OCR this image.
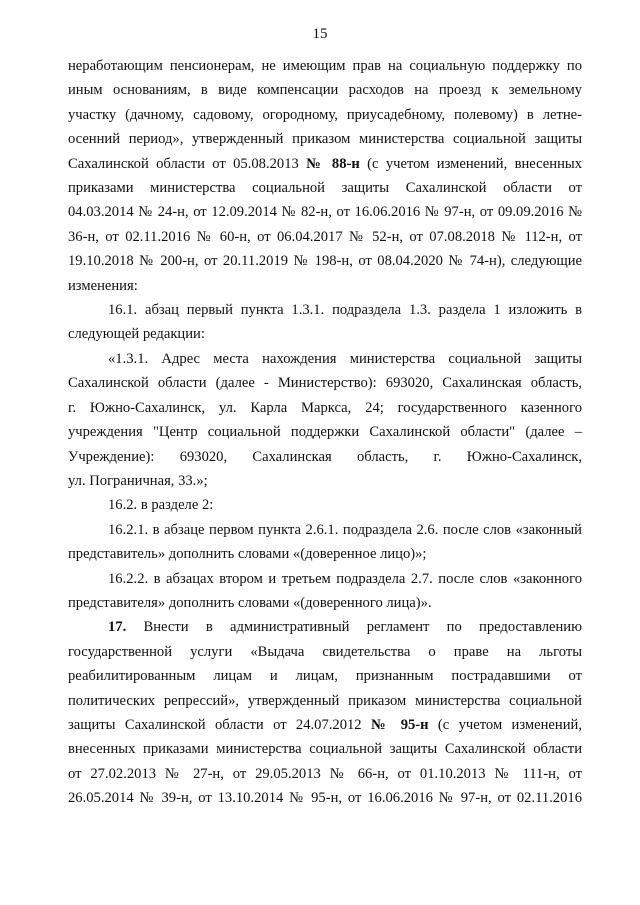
15
неработающим пенсионерам, не имеющим прав на социальную поддержку по
иным основаниям, в виде компенсации расходов на проезд к земельному
участку (дачному, садовому, огородному, приусадебному, полевому) в летне-
осенний период», утвержденный приказом министерства социальной защиты
Сахалинской области от 05.08.2013 № 88-н (с учетом изменений, внесенных
приказами министерства социальной защиты Сахалинской области от
04.03.2014 № 24-н, от 12.09.2014 № 82-н, от 16.06.2016 № 97-н, от 09.09.2016 №
36-н, от 02.11.2016 № 60-н, от 06.04.2017 № 52-н, от 07.08.2018 № 112-н, от
19.10.2018 № 200-н, от 20.11.2019 № 198-н, от 08.04.2020 № 74-н), следующие
изменения:
16.1. абзац первый пункта 1.3.1. подраздела 1.3. раздела 1 изложить в
следующей редакции:
«1.3.1. Адрес места нахождения министерства социальной защиты
Сахалинской области (далее - Министерство): 693020, Сахалинская область,
г. Южно-Сахалинск, ул. Карла Маркса, 24; государственного казенного
учреждения "Центр социальной поддержки Сахалинской области" (далее –
Учреждение): 693020, Сахалинская область, г. Южно-Сахалинск,
ул. Пограничная, 33.»;
16.2. в разделе 2:
16.2.1. в абзаце первом пункта 2.6.1. подраздела 2.6. после слов «законный
представитель» дополнить словами «(доверенное лицо)»;
16.2.2. в абзацах втором и третьем подраздела 2.7. после слов «законного
представителя» дополнить словами «(доверенного лица)».
17. Внести в административный регламент по предоставлению
государственной услуги «Выдача свидетельства о праве на льготы
реабилитированным лицам и лицам, признанным пострадавшими от
политических репрессий», утвержденный приказом министерства социальной
защиты Сахалинской области от 24.07.2012 № 95-н (с учетом изменений,
внесенных приказами министерства социальной защиты Сахалинской области
от 27.02.2013 № 27-н, от 29.05.2013 № 66-н, от 01.10.2013 № 111-н, от
26.05.2014 № 39-н, от 13.10.2014 № 95-н, от 16.06.2016 № 97-н, от 02.11.2016
